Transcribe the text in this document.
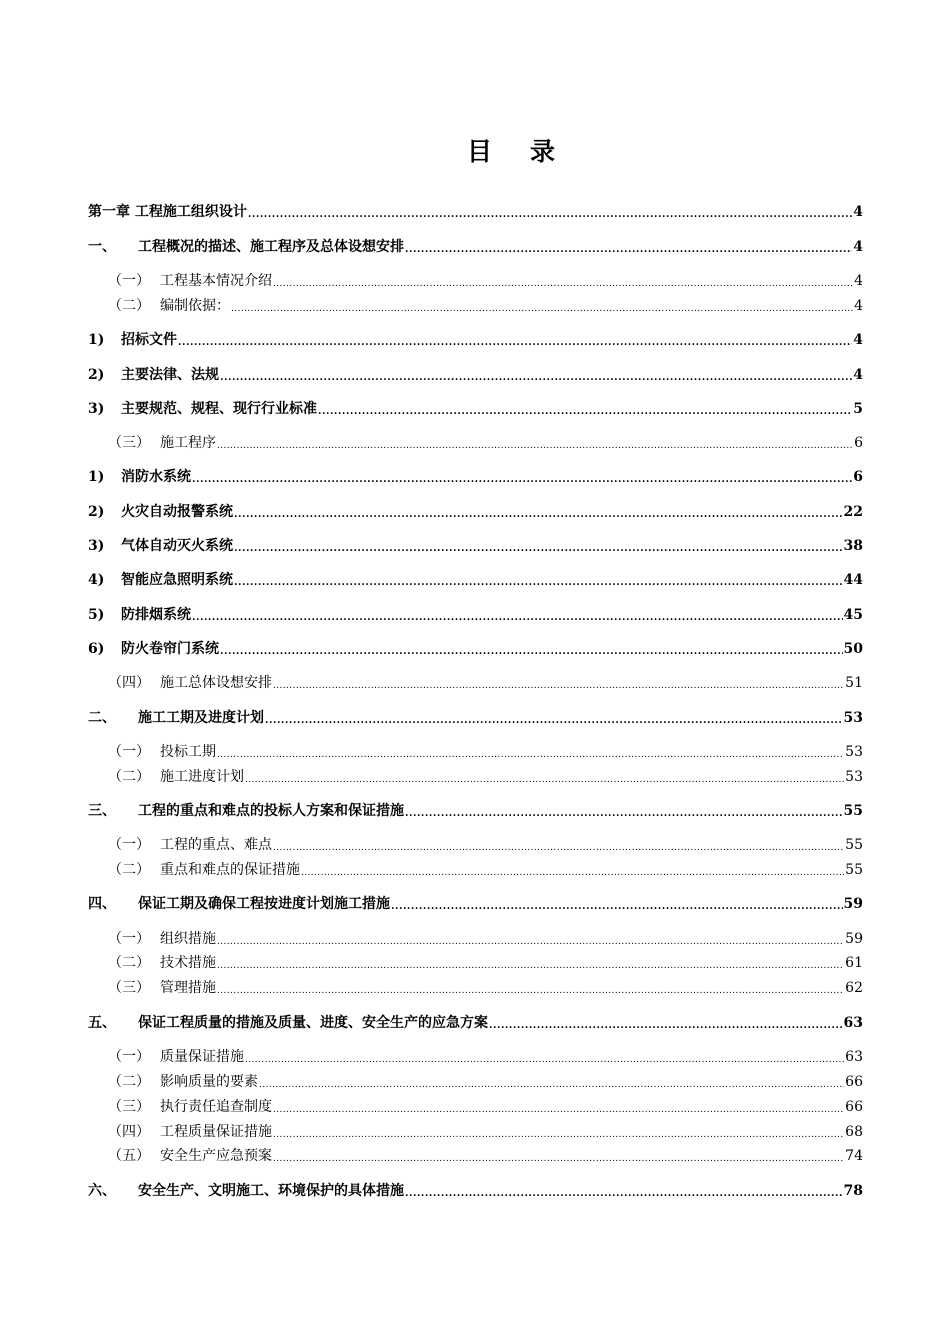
目 录
第一章 工程施工组织设计 .....	4
一、	工程概况的描述、施工程序及总体设想安排 .....	4
（一） 工程基本情况介绍 .....	4
（二） 编制依据： .....	4
1)	招标文件 .....	4
2)	主要法律、法规 .....	4
3)	主要规范、规程、现行行业标准 .....	5
（三） 施工程序 .....	6
1)	消防水系统 .....	6
2)	火灾自动报警系统 .....	22
3)	气体自动灭火系统 .....	38
4)	智能应急照明系统 .....	44
5)	防排烟系统 .....	45
6)	防火卷帘门系统 .....	50
（四） 施工总体设想安排 .....	51
二、	施工工期及进度计划 .....	53
（一） 投标工期 .....	53
（二） 施工进度计划 .....	53
三、	工程的重点和难点的投标人方案和保证措施 .....	55
（一） 工程的重点、难点 .....	55
（二） 重点和难点的保证措施 .....	55
四、	保证工期及确保工程按进度计划施工措施 .....	59
（一） 组织措施 .....	59
（二） 技术措施 .....	61
（三） 管理措施 .....	62
五、	保证工程质量的措施及质量、进度、安全生产的应急方案 .....	63
（一） 质量保证措施 .....	63
（二） 影响质量的要素 .....	66
（三） 执行责任追查制度 .....	66
（四） 工程质量保证措施 .....	68
（五） 安全生产应急预案 .....	74
六、	安全生产、文明施工、环境保护的具体措施 .....	78
